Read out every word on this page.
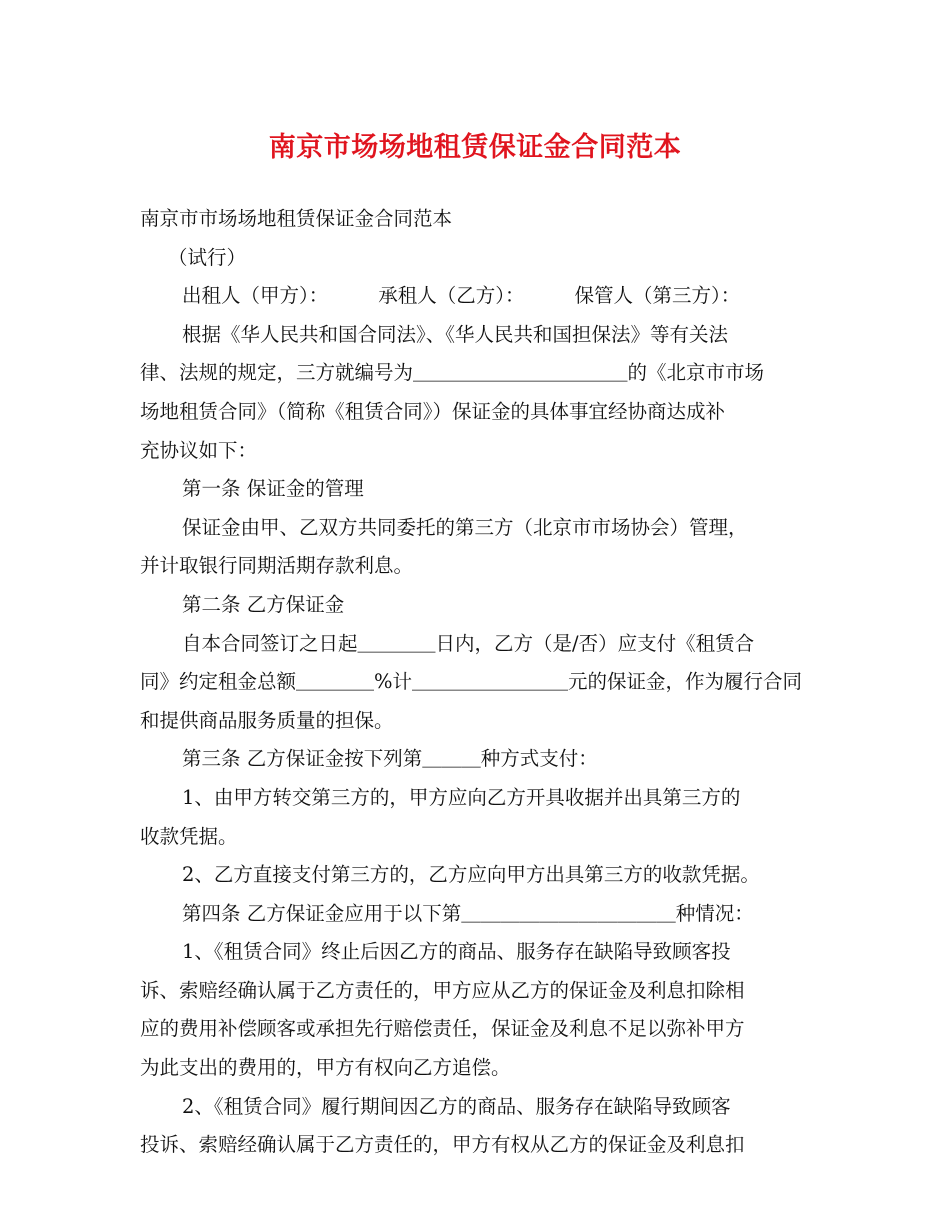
南京市场场地租赁保证金合同范本

南京市市场场地租赁保证金合同范本

（试行）

出租人（甲方）：	承租人（乙方）：	保管人（第三方）：

根据《华人民共和国合同法》、《华人民共和国担保法》等有关法

律、法规的规定，三方就编号为＿＿＿＿＿＿＿＿＿＿＿的《北京市市场

场地租赁合同》（简称《租赁合同》）保证金的具体事宜经协商达成补

充协议如下：

第一条 保证金的管理

保证金由甲、乙双方共同委托的第三方（北京市市场协会）管理，

并计取银行同期活期存款利息。

第二条 乙方保证金

自本合同签订之日起＿＿＿＿日内，乙方（是/否）应支付《租赁合

同》约定租金总额＿＿＿＿%计＿＿＿＿＿＿＿＿元的保证金，作为履行合同

和提供商品服务质量的担保。

第三条 乙方保证金按下列第＿＿＿种方式支付：

1、由甲方转交第三方的，甲方应向乙方开具收据并出具第三方的

收款凭据。

2、乙方直接支付第三方的，乙方应向甲方出具第三方的收款凭据。

第四条 乙方保证金应用于以下第＿＿＿＿＿＿＿＿＿＿＿种情况：

1、《租赁合同》终止后因乙方的商品、服务存在缺陷导致顾客投

诉、索赔经确认属于乙方责任的，甲方应从乙方的保证金及利息扣除相

应的费用补偿顾客或承担先行赔偿责任，保证金及利息不足以弥补甲方

为此支出的费用的，甲方有权向乙方追偿。

2、《租赁合同》履行期间因乙方的商品、服务存在缺陷导致顾客

投诉、索赔经确认属于乙方责任的，甲方有权从乙方的保证金及利息扣
